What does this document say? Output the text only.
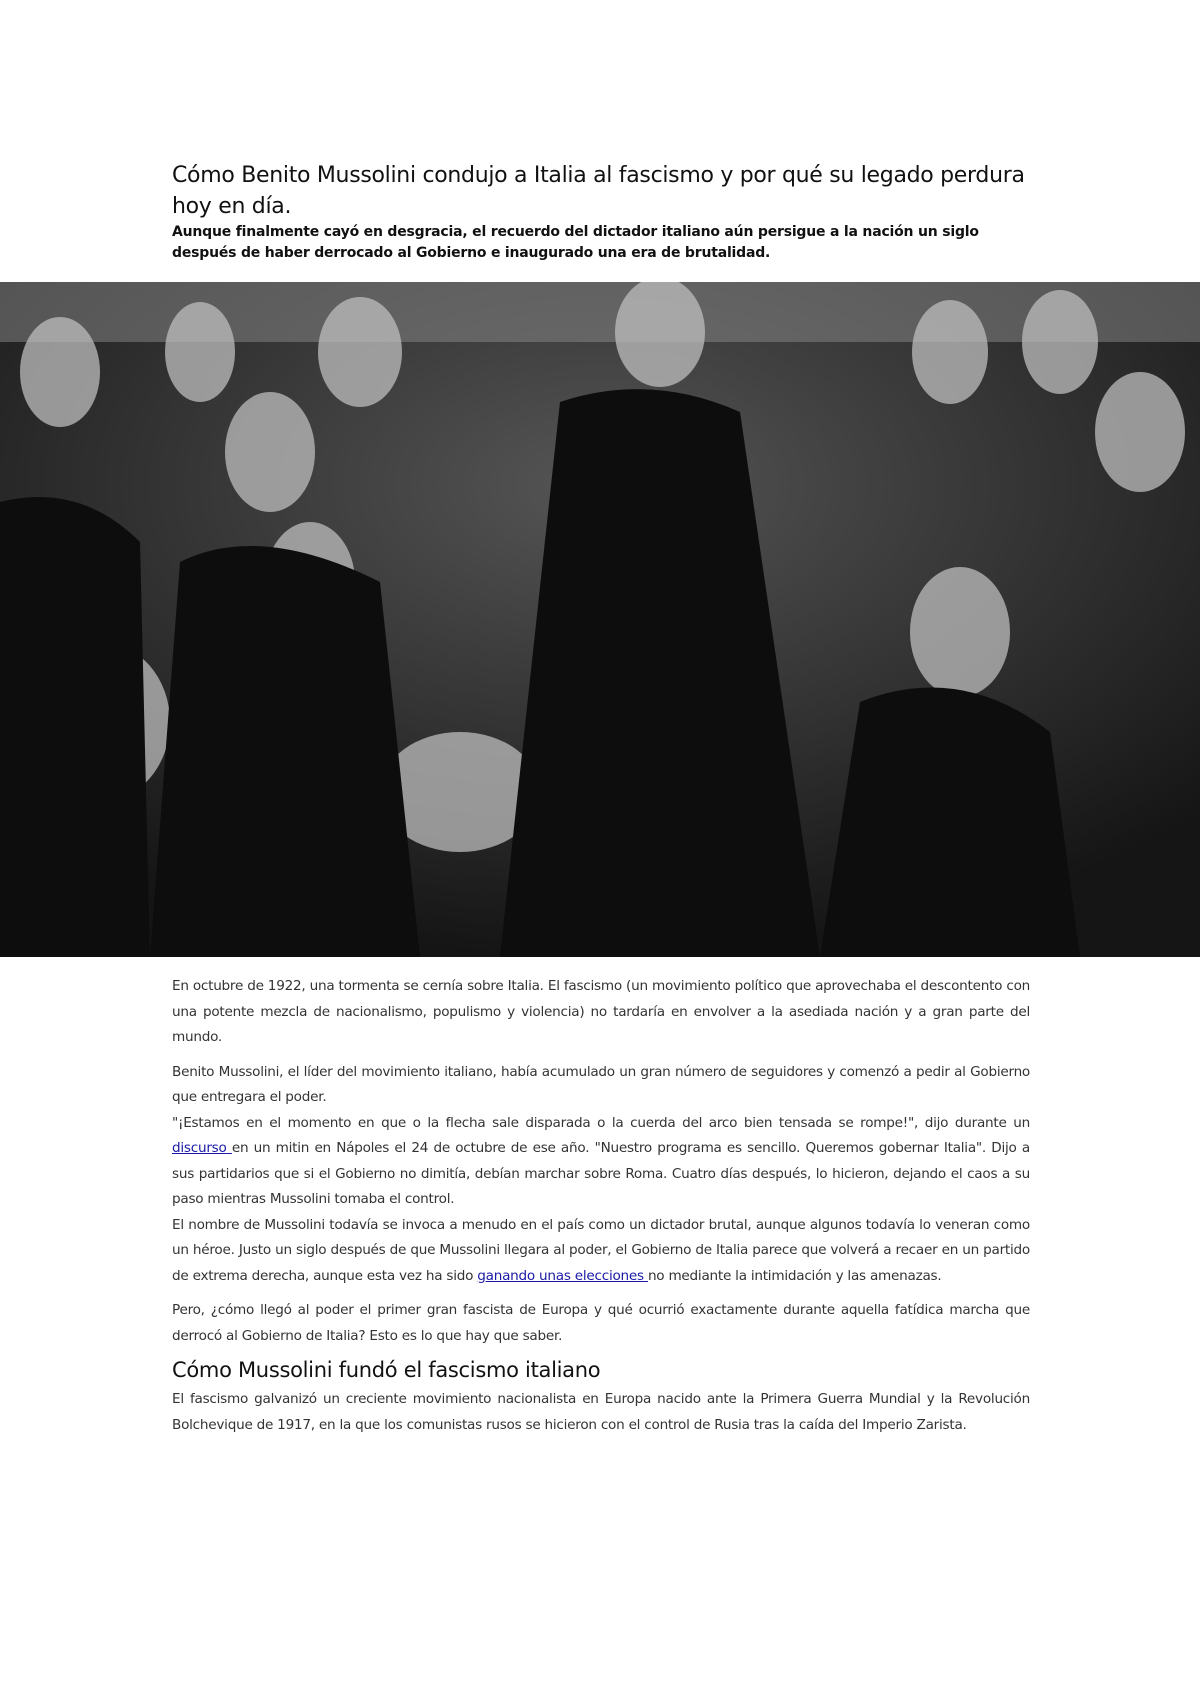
Cómo Benito Mussolini condujo a Italia al fascismo y por qué su legado perdura hoy en día.

Aunque finalmente cayó en desgracia, el recuerdo del dictador italiano aún persigue a la nación un siglo después de haber derrocado al Gobierno e inaugurado una era de brutalidad.

En octubre de 1922, una tormenta se cernía sobre Italia. El fascismo (un movimiento político que aprovechaba el descontento con una potente mezcla de nacionalismo, populismo y violencia) no tardaría en envolver a la asediada nación y a gran parte del mundo.

Benito Mussolini, el líder del movimiento italiano, había acumulado un gran número de seguidores y comenzó a pedir al Gobierno que entregara el poder.

"¡Estamos en el momento en que o la flecha sale disparada o la cuerda del arco bien tensada se rompe!", dijo durante un discurso en un mitin en Nápoles el 24 de octubre de ese año. "Nuestro programa es sencillo. Queremos gobernar Italia". Dijo a sus partidarios que si el Gobierno no dimitía, debían marchar sobre Roma. Cuatro días después, lo hicieron, dejando el caos a su paso mientras Mussolini tomaba el control.

El nombre de Mussolini todavía se invoca a menudo en el país como un dictador brutal, aunque algunos todavía lo veneran como un héroe. Justo un siglo después de que Mussolini llegara al poder, el Gobierno de Italia parece que volverá a recaer en un partido de extrema derecha, aunque esta vez ha sido ganando unas elecciones no mediante la intimidación y las amenazas.

Pero, ¿cómo llegó al poder el primer gran fascista de Europa y qué ocurrió exactamente durante aquella fatídica marcha que derrocó al Gobierno de Italia? Esto es lo que hay que saber.

Cómo Mussolini fundó el fascismo italiano

El fascismo galvanizó un creciente movimiento nacionalista en Europa nacido ante la Primera Guerra Mundial y la Revolución Bolchevique de 1917, en la que los comunistas rusos se hicieron con el control de Rusia tras la caída del Imperio Zarista.
